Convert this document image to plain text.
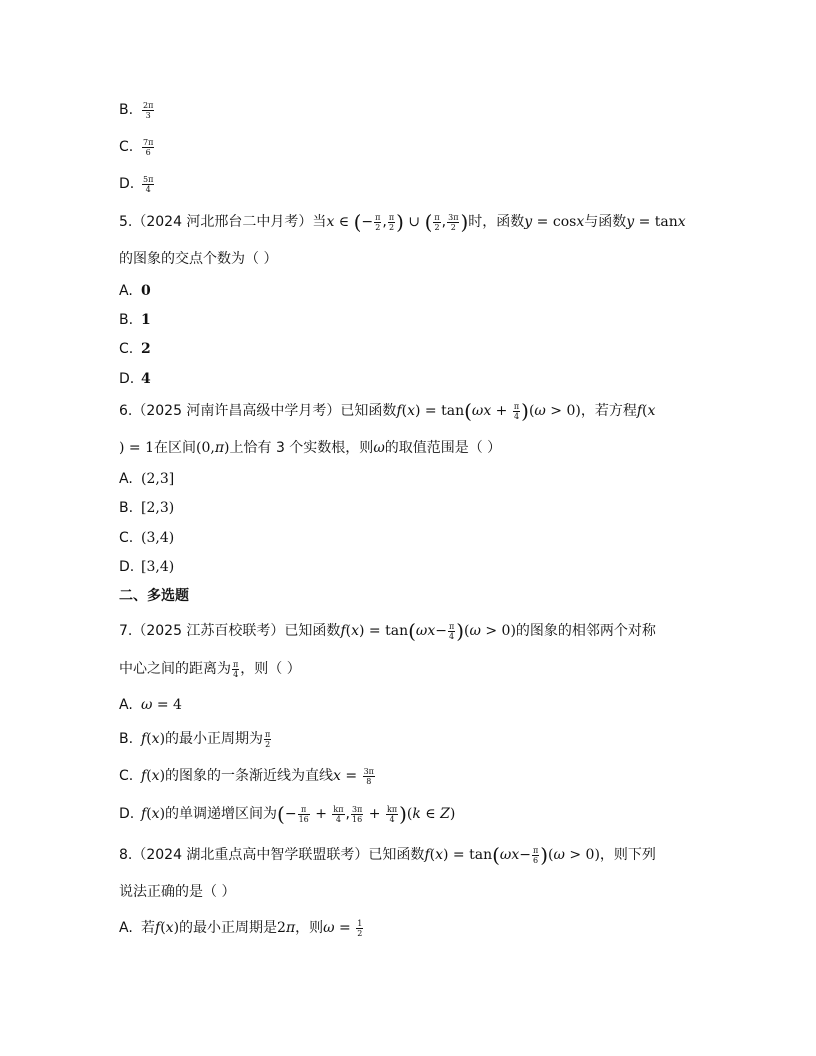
B. $\frac{2\pi}{3}$
C. $\frac{7\pi}{6}$
D. $\frac{5\pi}{4}$
5.（2024 河北邢台二中月考）当x ∈ (− $\frac{\pi}{2}$ , $\frac{\pi}{2}$ ) ∪ ( $\frac{\pi}{2}$ , $\frac{3\pi}{2}$ )时，函数y = cosx与函数y = tanx
的图象的交点个数为（ ）
A. 0
B. 1
C. 2
D. 4
6.（2025 河南许昌高级中学月考）已知函数$f(x) = \tan(\omega x + \frac{\pi}{4} )(\omega > 0)$，若方程f(x
) = 1在区间(0,π)上恰有 3 个实数根，则ω的取值范围是（ ）
A. (2,3]
B. [2,3)
C. (3,4)
D. [3,4)
二、多选题
7.（2025 江苏百校联考）已知函数$f(x) = \tan(\omega x- \frac{\pi}{4} )(\omega > 0)$的图象的相邻两个对称
中心之间的距离为 $\frac{\pi}{4}$ ，则（ ）
A. ω = 4
B. f(x)的最小正周期为 $\frac{\pi}{2}$
C. f(x)的图象的一条渐近线为直线$x = \frac{3\pi}{8}$
D. f(x)的单调递增区间为(− $\frac{\pi}{16} + \frac{k\pi}{4}$ , $\frac{3\pi}{16} + \frac{k\pi}{4} )(k$ ∈ Z)
8.（2024 湖北重点高中智学联盟联考）已知函数$f(x) = \tan(\omega x- \frac{\pi}{6} )(\omega > 0)$，则下列
说法正确的是（ ）
A. 若f(x)的最小正周期是2π，则$\omega = \frac{1}{2}$
